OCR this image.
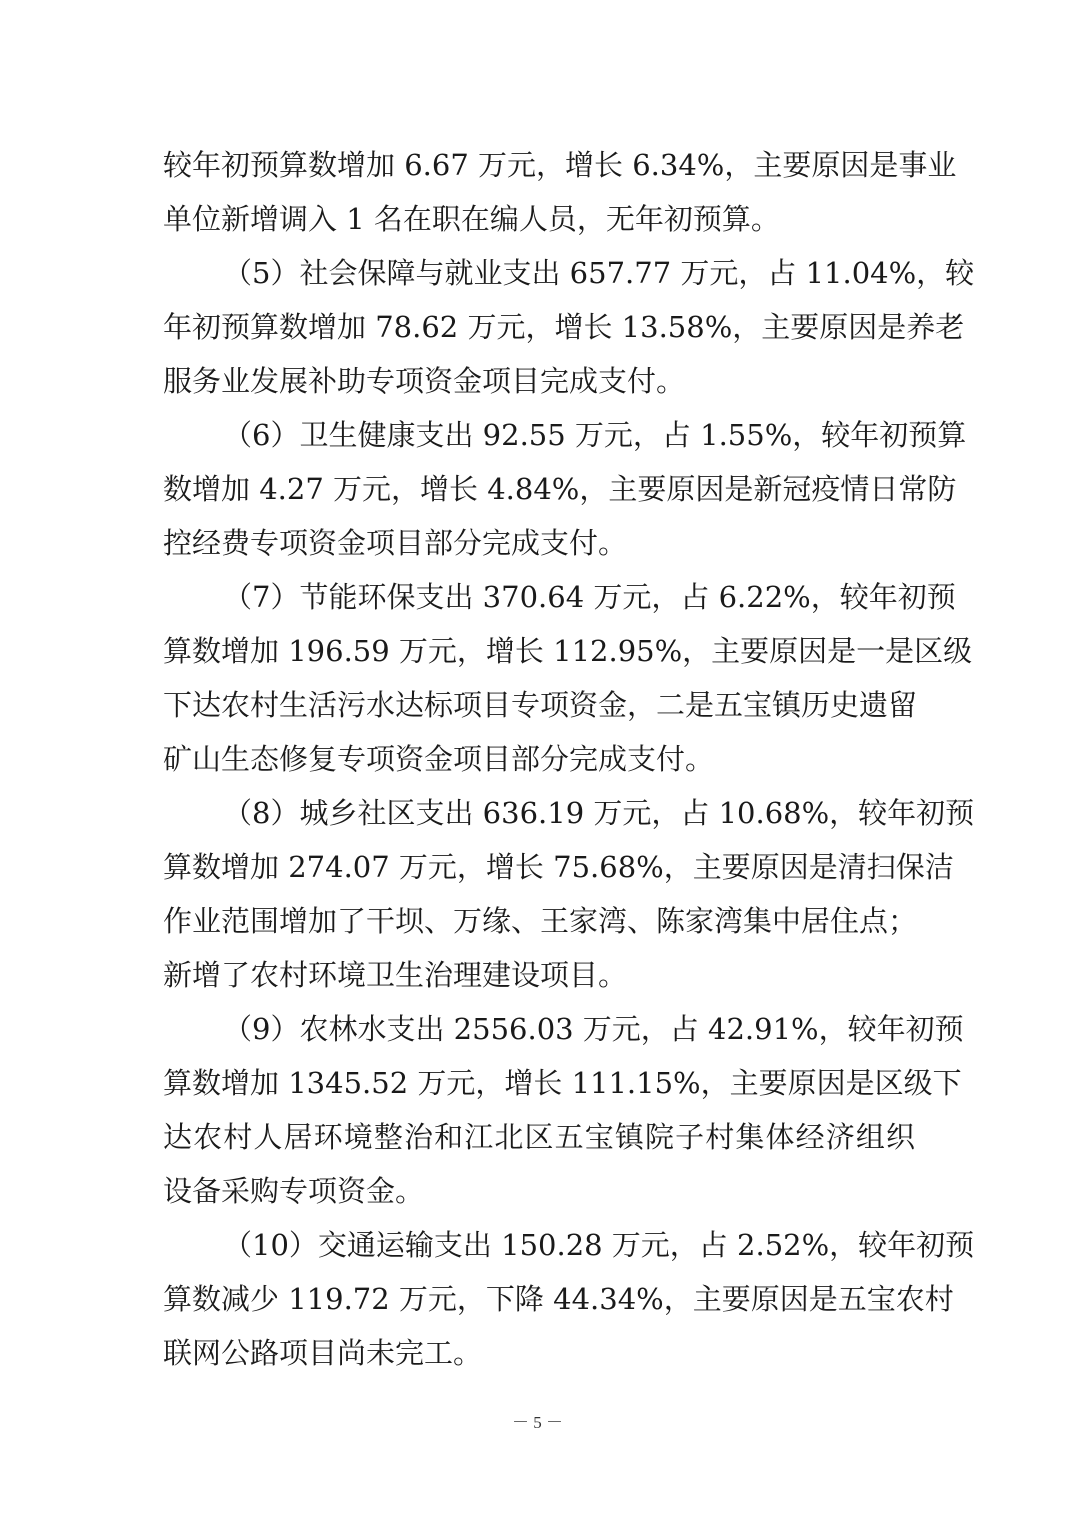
较年初预算数增加 6.67 万元，增长 6.34%，主要原因是事业
单位新增调入 1 名在职在编人员，无年初预算。
（5）社会保障与就业支出 657.77 万元，占 11.04%，较
年初预算数增加 78.62 万元，增长 13.58%，主要原因是养老
服务业发展补助专项资金项目完成支付。
（6）卫生健康支出 92.55 万元，占 1.55%，较年初预算
数增加 4.27 万元，增长 4.84%，主要原因是新冠疫情日常防
控经费专项资金项目部分完成支付。
（7）节能环保支出 370.64 万元，占 6.22%，较年初预
算数增加 196.59 万元，增长 112.95%，主要原因是一是区级
下达农村生活污水达标项目专项资金，二是五宝镇历史遗留
矿山生态修复专项资金项目部分完成支付。
（8）城乡社区支出 636.19 万元，占 10.68%，较年初预
算数增加 274.07 万元，增长 75.68%，主要原因是清扫保洁
作业范围增加了干坝、万缘、王家湾、陈家湾集中居住点；
新增了农村环境卫生治理建设项目。
（9）农林水支出 2556.03 万元，占 42.91%，较年初预
算数增加 1345.52 万元，增长 111.15%，主要原因是区级下
达农村人居环境整治和江北区五宝镇院子村集体经济组织
设备采购专项资金。
（10）交通运输支出 150.28 万元，占 2.52%，较年初预
算数减少 119.72 万元，下降 44.34%，主要原因是五宝农村
联网公路项目尚未完工。
－ 5 －
